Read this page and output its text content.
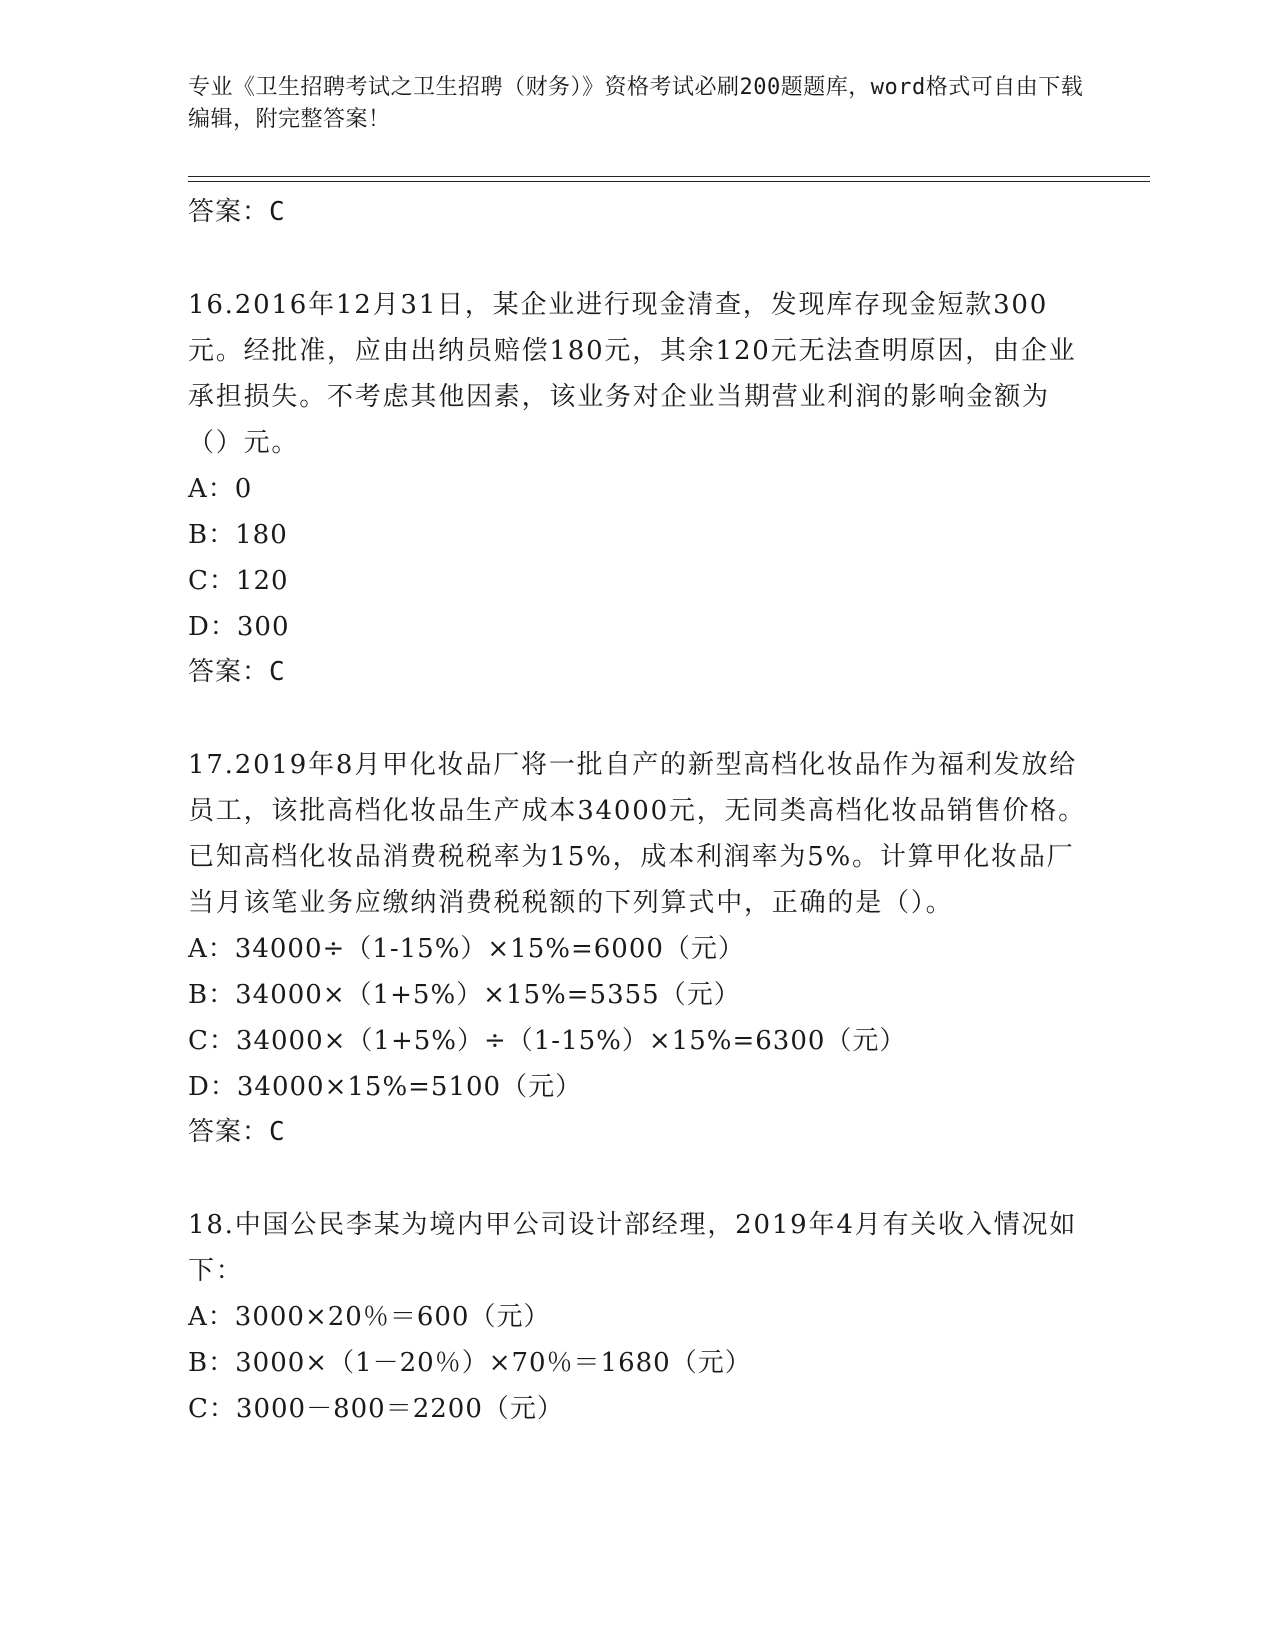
专业《卫生招聘考试之卫生招聘（财务）》资格考试必刷200题题库，word格式可自由下载编辑，附完整答案！
答案：C
16.2016年12月31日，某企业进行现金清查，发现库存现金短款300元。经批准，应由出纳员赔偿180元，其余120元无法查明原因，由企业承担损失。不考虑其他因素，该业务对企业当期营业利润的影响金额为（）元。
A：0
B：180
C：120
D：300
答案：C
17.2019年8月甲化妆品厂将一批自产的新型高档化妆品作为福利发放给员工，该批高档化妆品生产成本34000元，无同类高档化妆品销售价格。已知高档化妆品消费税税率为15%，成本利润率为5%。计算甲化妆品厂当月该笔业务应缴纳消费税税额的下列算式中，正确的是（）。
A：34000÷（1-15%）×15%=6000（元）
B：34000×（1+5%）×15%=5355（元）
C：34000×（1+5%）÷（1-15%）×15%=6300（元）
D：34000×15%=5100（元）
答案：C
18.中国公民李某为境内甲公司设计部经理，2019年4月有关收入情况如下：
A：3000×20％＝600（元）
B：3000×（1－20％）×70％＝1680（元）
C：3000－800＝2200（元）
